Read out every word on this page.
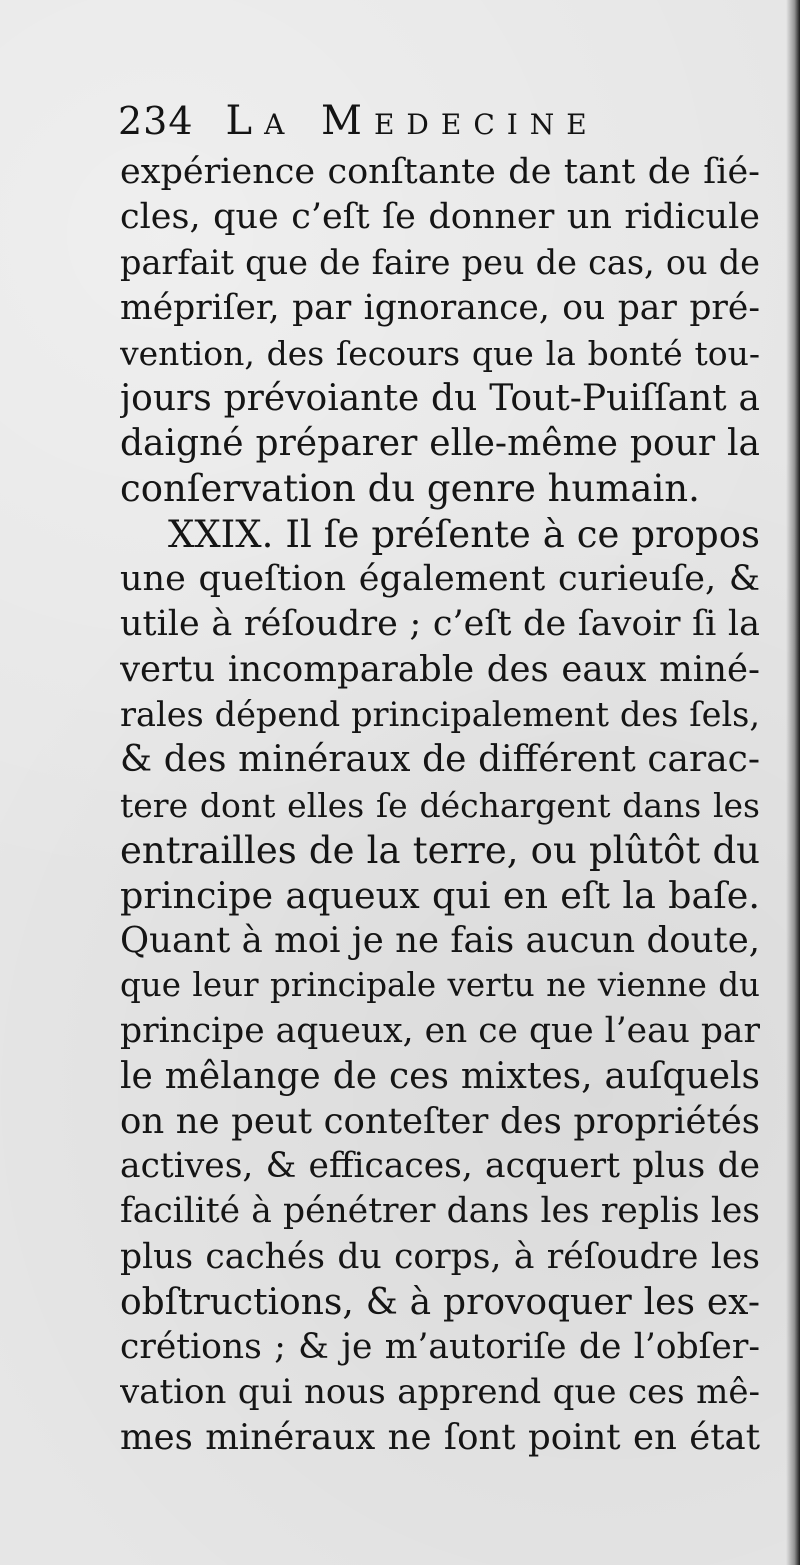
234 La Medecine
expérience conſtante de tant de ſié-
cles, que c’eſt ſe donner un ridicule
parfait que de faire peu de cas, ou de
mépriſer, par ignorance, ou par pré-
vention, des ſecours que la bonté tou-
jours prévoiante du Tout-Puiſſant a
daigné préparer elle-même pour la
conſervation du genre humain.
XXIX. Il ſe préſente à ce propos
une queſtion également curieuſe, &
utile à réſoudre ; c’eſt de ſavoir ſi la
vertu incomparable des eaux miné-
rales dépend principalement des ſels,
& des minéraux de différent carac-
tere dont elles ſe déchargent dans les
entrailles de la terre, ou plûtôt du
principe aqueux qui en eſt la baſe.
Quant à moi je ne fais aucun doute,
que leur principale vertu ne vienne du
principe aqueux, en ce que l’eau par
le mêlange de ces mixtes, auſquels
on ne peut conteſter des propriétés
actives, & efficaces, acquert plus de
facilité à pénétrer dans les replis les
plus cachés du corps, à réſoudre les
obſtructions, & à provoquer les ex-
crétions ; & je m’autoriſe de l’obſer-
vation qui nous apprend que ces mê-
mes minéraux ne ſont point en état
